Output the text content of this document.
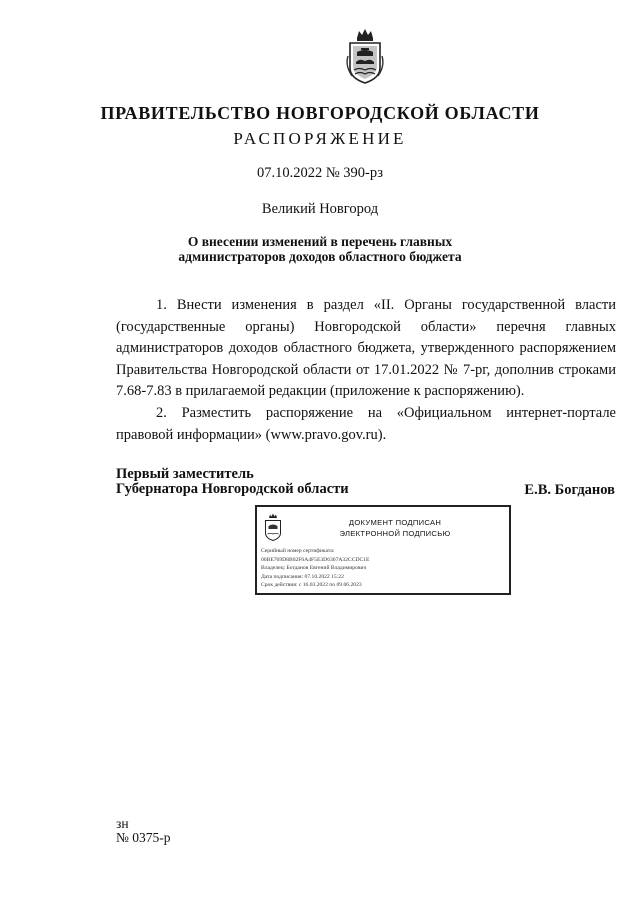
ПРАВИТЕЛЬСТВО НОВГОРОДСКОЙ ОБЛАСТИ
РАСПОРЯЖЕНИЕ
07.10.2022 № 390-рз
Великий Новгород
О внесении изменений в перечень главных
администраторов доходов областного бюджета

1. Внести изменения в раздел «II. Органы государственной власти (государственные органы) Новгородской области» перечня главных администраторов доходов областного бюджета, утвержденного распоряжением Правительства Новгородской области от 17.01.2022 № 7-рг, дополнив строками 7.68-7.83 в прилагаемой редакции (приложение к распоряжению).

2. Разместить распоряжение на «Официальном интернет-портале правовой информации» (www.pravo.gov.ru).

Первый заместитель
Губернатора Новгородской области	Е.В. Богданов
ДОКУМЕНТ ПОДПИСАН
ЭЛЕКТРОННОЙ ПОДПИСЬЮ
Серийный номер сертификата:
00BE769D8B02F6A4F5E3D6307A32CCDC1E
Владелец: Богданов Евгений Владимирович
Дата подписания: 07.10.2022 15:22
Срок действия: с 16.03.2022 по 09.06.2023
зн
№ 0375-р
